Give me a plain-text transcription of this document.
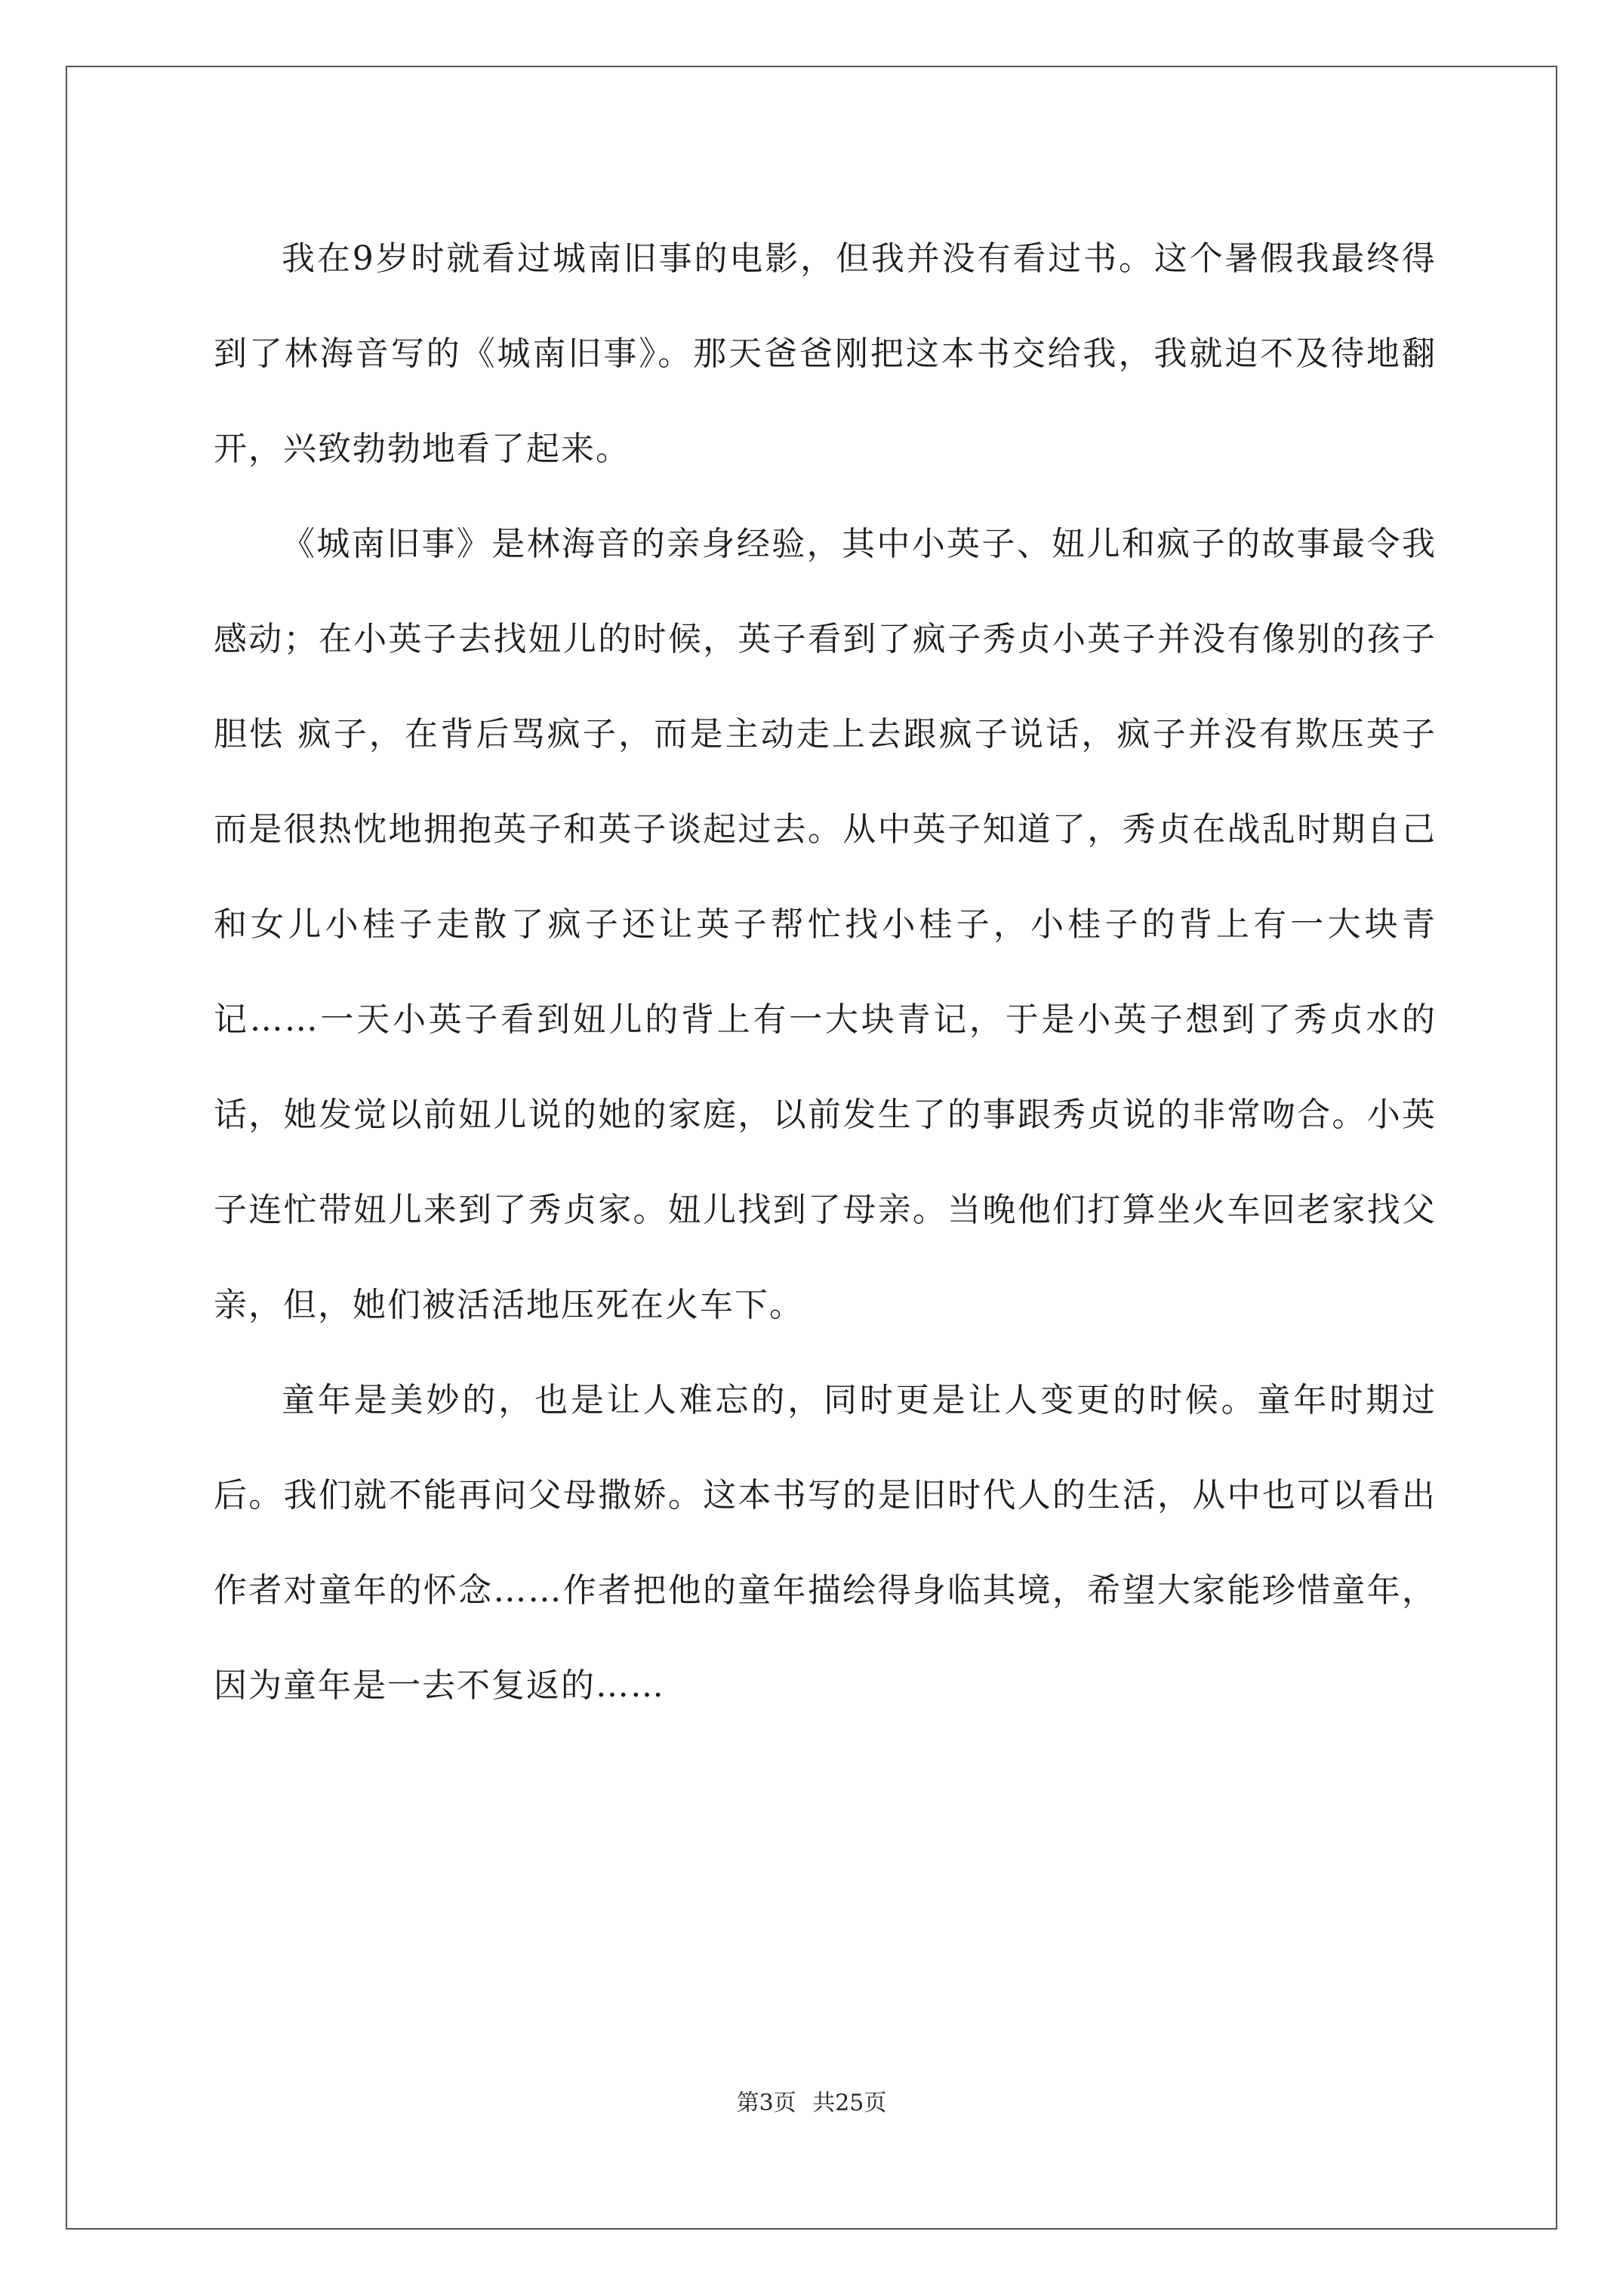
我在9岁时就看过城南旧事的电影，但我并没有看过书。这个暑假我最终得到了林海音写的《城南旧事》。那天爸爸刚把这本书交给我，我就迫不及待地翻开，兴致勃勃地看了起来。

《城南旧事》是林海音的亲身经验，其中小英子、妞儿和疯子的故事最令我感动；在小英子去找妞儿的时候，英子看到了疯子秀贞小英子并没有像别的孩子胆怯 疯子，在背后骂疯子，而是主动走上去跟疯子说话，疯子并没有欺压英子而是很热忱地拥抱英子和英子谈起过去。从中英子知道了，秀贞在战乱时期自己和女儿小桂子走散了疯子还让英子帮忙找小桂子，小桂子的背上有一大块青记……一天小英子看到妞儿的背上有一大块青记，于是小英子想到了秀贞水的话，她发觉以前妞儿说的她的家庭，以前发生了的事跟秀贞说的非常吻合。小英子连忙带妞儿来到了秀贞家。妞儿找到了母亲。当晚他们打算坐火车回老家找父亲，但，她们被活活地压死在火车下。

童年是美妙的，也是让人难忘的，同时更是让人变更的时候。童年时期过后。我们就不能再问父母撒娇。这本书写的是旧时代人的生活，从中也可以看出作者对童年的怀念……作者把他的童年描绘得身临其境，希望大家能珍惜童年，因为童年是一去不复返的……

第3页 共25页
